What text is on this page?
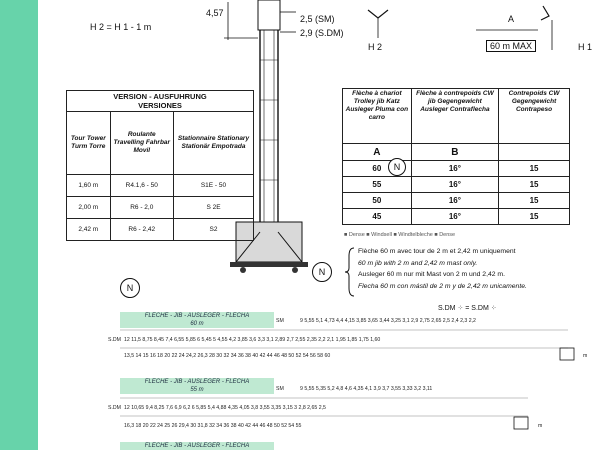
H 2 = H 1 - 1 m
4,57
2,5 (SM)
2,9 (S.DM)
H 2
A
H 1
60 m MAX
VERSION - AUSFUHRUNG
VERSIONES		

Tour Tower Turm Torre	Roulante Travelling Fahrbar Movil	Stationnaire Stationary Stationär Empotrada
1,60 m	R4.1,6 - 50	S1E - 50
2,00 m	R6 - 2,0	S 2E
2,42 m	R6 - 2,42	S2
Flèche à chariot Trolley jib Katz Ausleger Pluma con carro	Flèche à contrepoids CW jib Gegengewicht Ausleger Contraflecha	Contrepoids CW Gegengewicht Contrapeso
A	B	
60	16°	15
55	16°	15
50	16°	15
45	16°	15
N
■ Dense ■ Windsell ■ Windtelbleche ■ Dense
N
Flèche 60 m avec tour de 2 m et 2,42 m uniquement
60 m jib with 2 m and 2,42 m mast only.
Ausleger 60 m nur mit Mast von 2 m und 2,42 m.
Flecha 60 m con mástil de 2 m y de 2,42 m unicamente.
N
S.DM ⁘ = S.DM ⁘
FLECHE - JIB - AUSLEGER - FLECHA
60 m	SM	9 5,55 5,1 4,73 4,4 4,15 3,85 3,65 3,44 3,25 3,1 2,9 2,75 2,65 2,5 2,4 2,3 2,2
S.DM 12 11,5 8,75 8,45 7,4 6,55 5,85 6 5,45 5 4,55 4,2 3,85 3,6 3,3 3,1 2,89 2,7 2,55 2,35 2,2 2,1 1,95 1,85 1,75 1,60
13,5 14 15 16 18 20 22 24 24,2 26,3 28 30 32 34 36 38 40 42 44 46 48 50 52 54 56 58 60	m
FLECHE - JIB - AUSLEGER - FLECHA
55 m	SM	9 5,55 5,35 5,2 4,8 4,6 4,35 4,1 3,9 3,7 3,55 3,33 3,2 3,11
S.DM 12 10,65 9,4 8,25 7,6 6,9 6,2 6 5,85 5,4 4,88 4,35 4,05 3,8 3,55 3,35 3,15 3 2,8 2,65 2,5
16,3 18 20 22 24 25 26 29,4 30 31,8 32 34 36 38 40 42 44 46 48 50 52 54 55	m
FLECHE - JIB - AUSLEGER - FLECHA
